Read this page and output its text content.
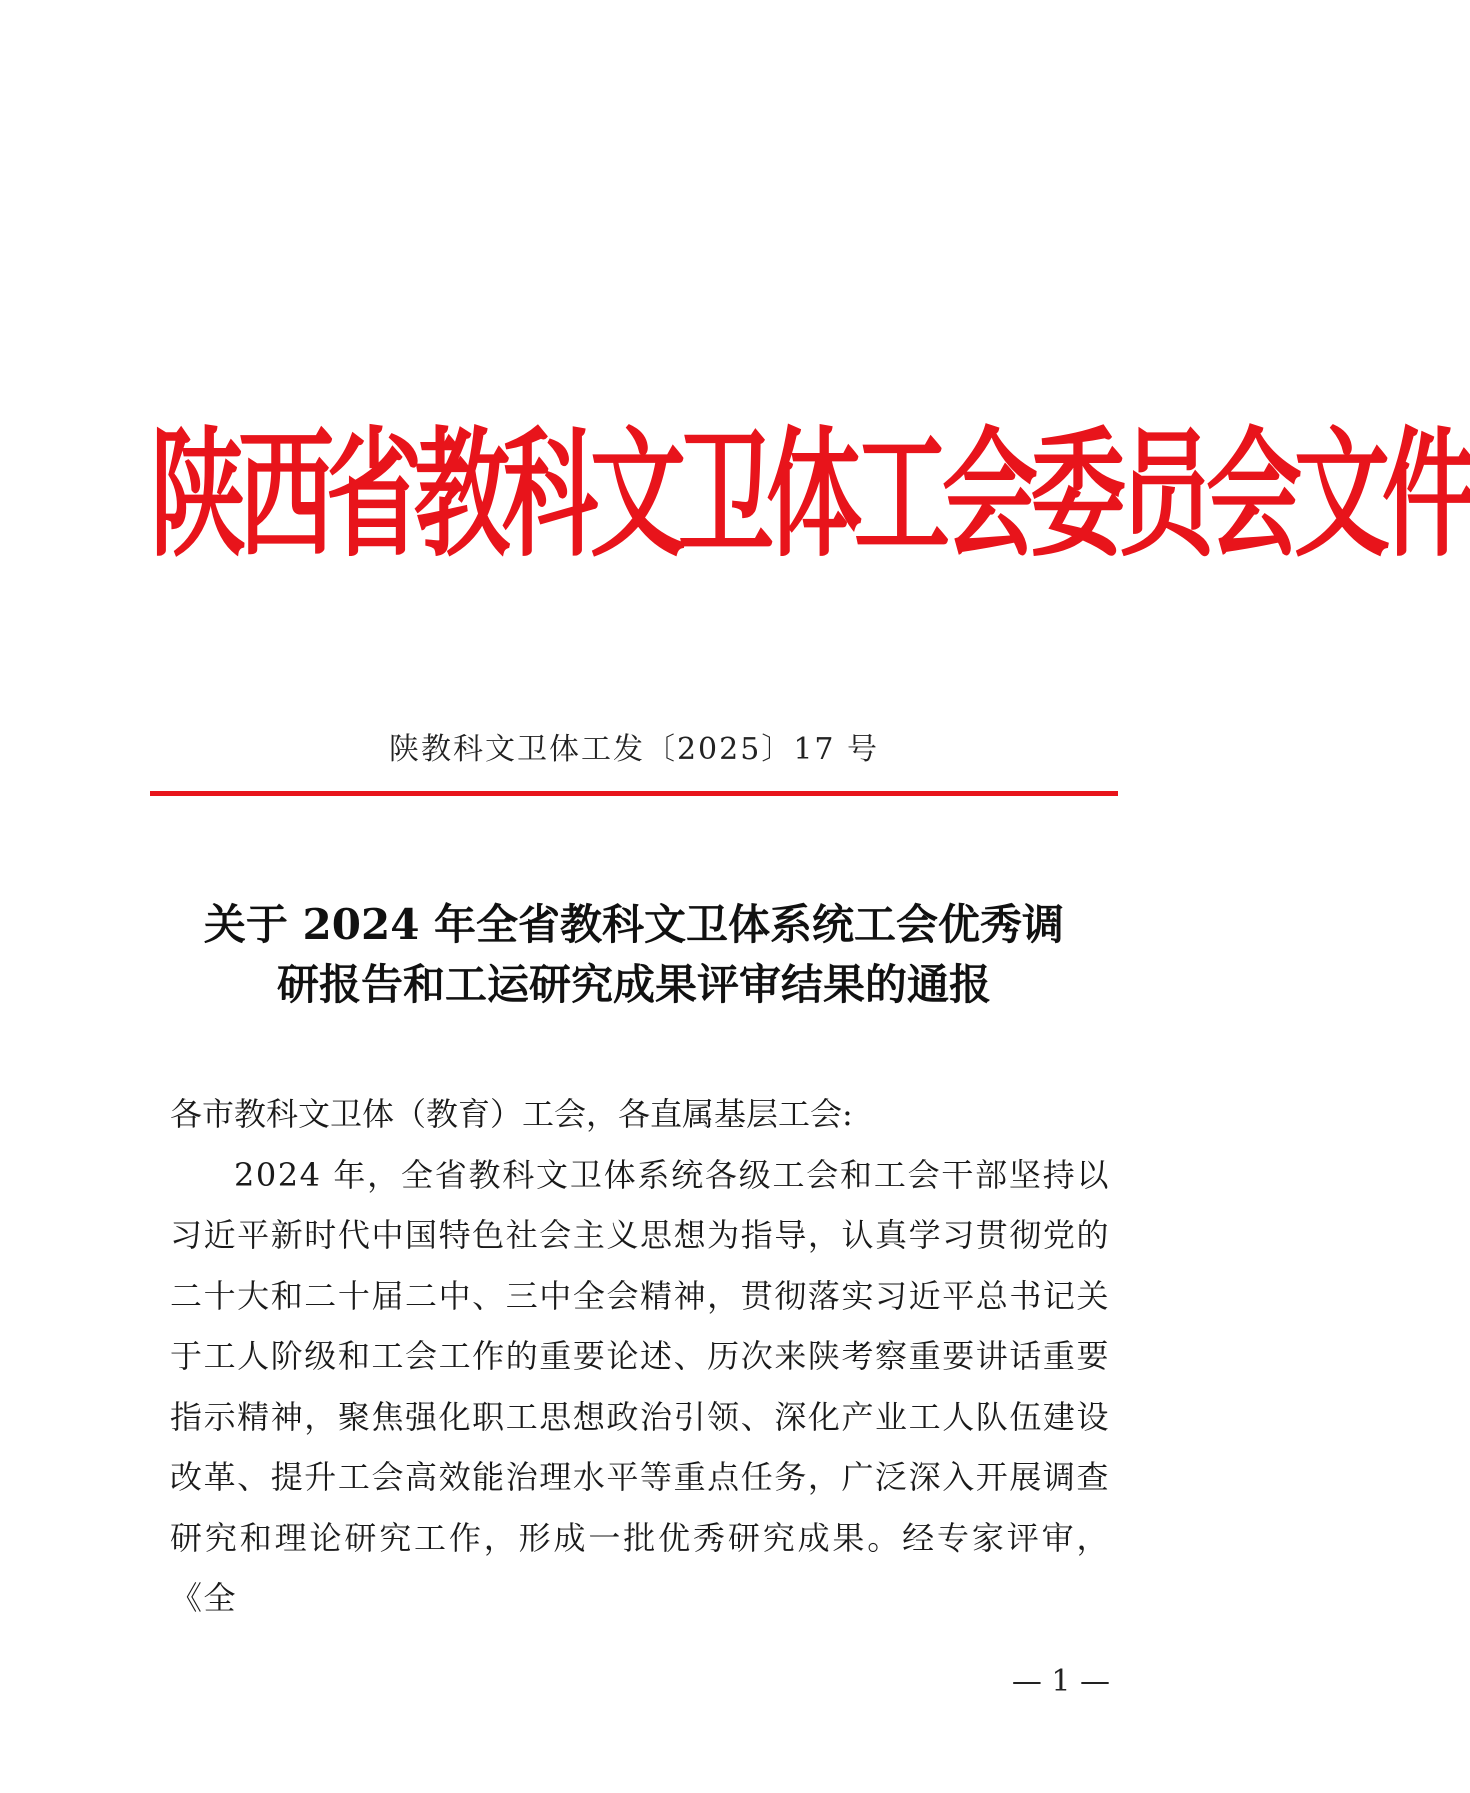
陕西省教科文卫体工会委员会文件
陕教科文卫体工发〔2025〕17 号
关于 2024 年全省教科文卫体系统工会优秀调
研报告和工运研究成果评审结果的通报
各市教科文卫体（教育）工会，各直属基层工会:
2024 年，全省教科文卫体系统各级工会和工会干部坚持以习近平新时代中国特色社会主义思想为指导，认真学习贯彻党的二十大和二十届二中、三中全会精神，贯彻落实习近平总书记关于工人阶级和工会工作的重要论述、历次来陕考察重要讲话重要指示精神，聚焦强化职工思想政治引领、深化产业工人队伍建设改革、提升工会高效能治理水平等重点任务，广泛深入开展调查研究和理论研究工作，形成一批优秀研究成果。经专家评审，《全
— 1 —
